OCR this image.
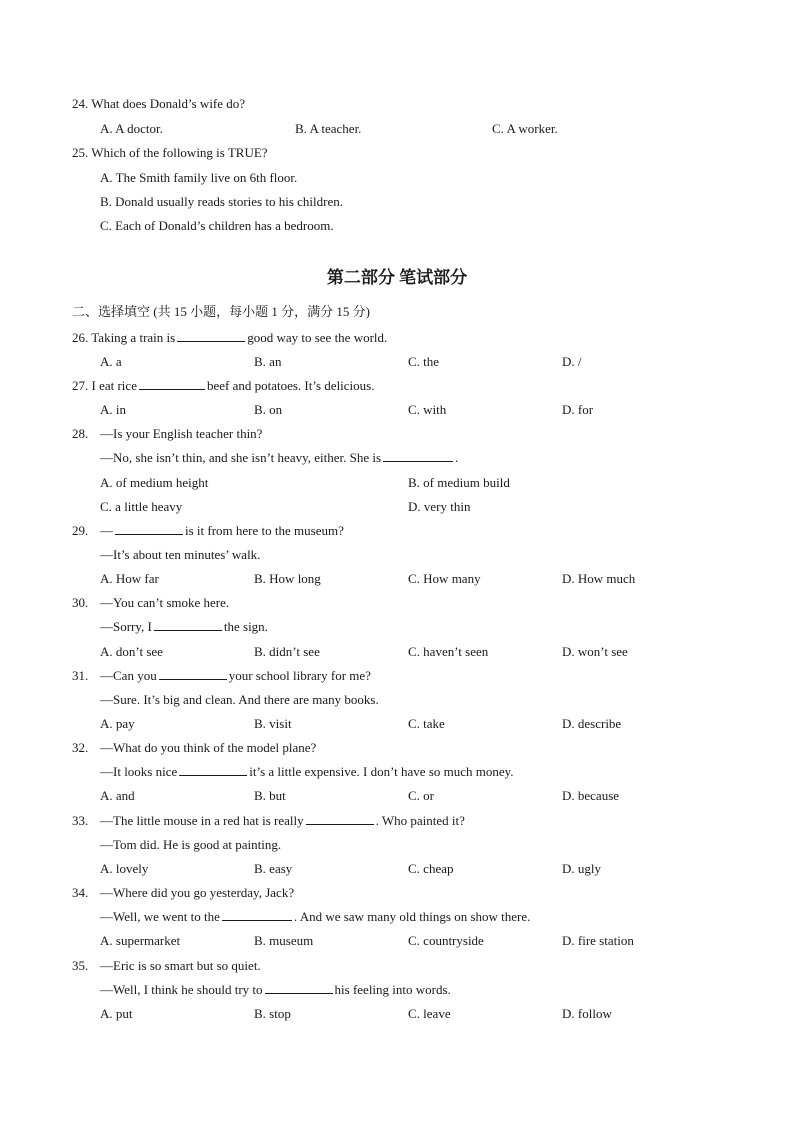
24. What does Donald’s wife do?
A. A doctor.	B. A teacher.	C. A worker.
25. Which of the following is TRUE?
A. The Smith family live on 6th floor.
B. Donald usually reads stories to his children.
C. Each of Donald’s children has a bedroom.
第二部分 笔试部分
二、选择填空 (共 15 小题，每小题 1 分，满分 15 分)
26. Taking a train is	good way to see the world.
A. a	B. an	C. the	D. /
27. I eat rice	beef and potatoes. It’s delicious.
A. in	B. on	C. with	D. for
28. —Is your English teacher thin?
—No, she isn’t thin, and she isn’t heavy, either. She is	.
A. of medium height	B. of medium build
C. a little heavy	D. very thin
29. —	is it from here to the museum?
—It’s about ten minutes’ walk.
A. How far	B. How long	C. How many	D. How much
30. —You can’t smoke here.
—Sorry, I	the sign.
A. don’t see	B. didn’t see	C. haven’t seen	D. won’t see
31. —Can you	your school library for me?
—Sure. It’s big and clean. And there are many books.
A. pay	B. visit	C. take	D. describe
32. —What do you think of the model plane?
—It looks nice	it’s a little expensive. I don’t have so much money.
A. and	B. but	C. or	D. because
33. —The little mouse in a red hat is really	. Who painted it?
—Tom did. He is good at painting.
A. lovely	B. easy	C. cheap	D. ugly
34. —Where did you go yesterday, Jack?
—Well, we went to the	. And we saw many old things on show there.
A. supermarket	B. museum	C. countryside	D. fire station
35. —Eric is so smart but so quiet.
—Well, I think he should try to	his feeling into words.
A. put	B. stop	C. leave	D. follow
